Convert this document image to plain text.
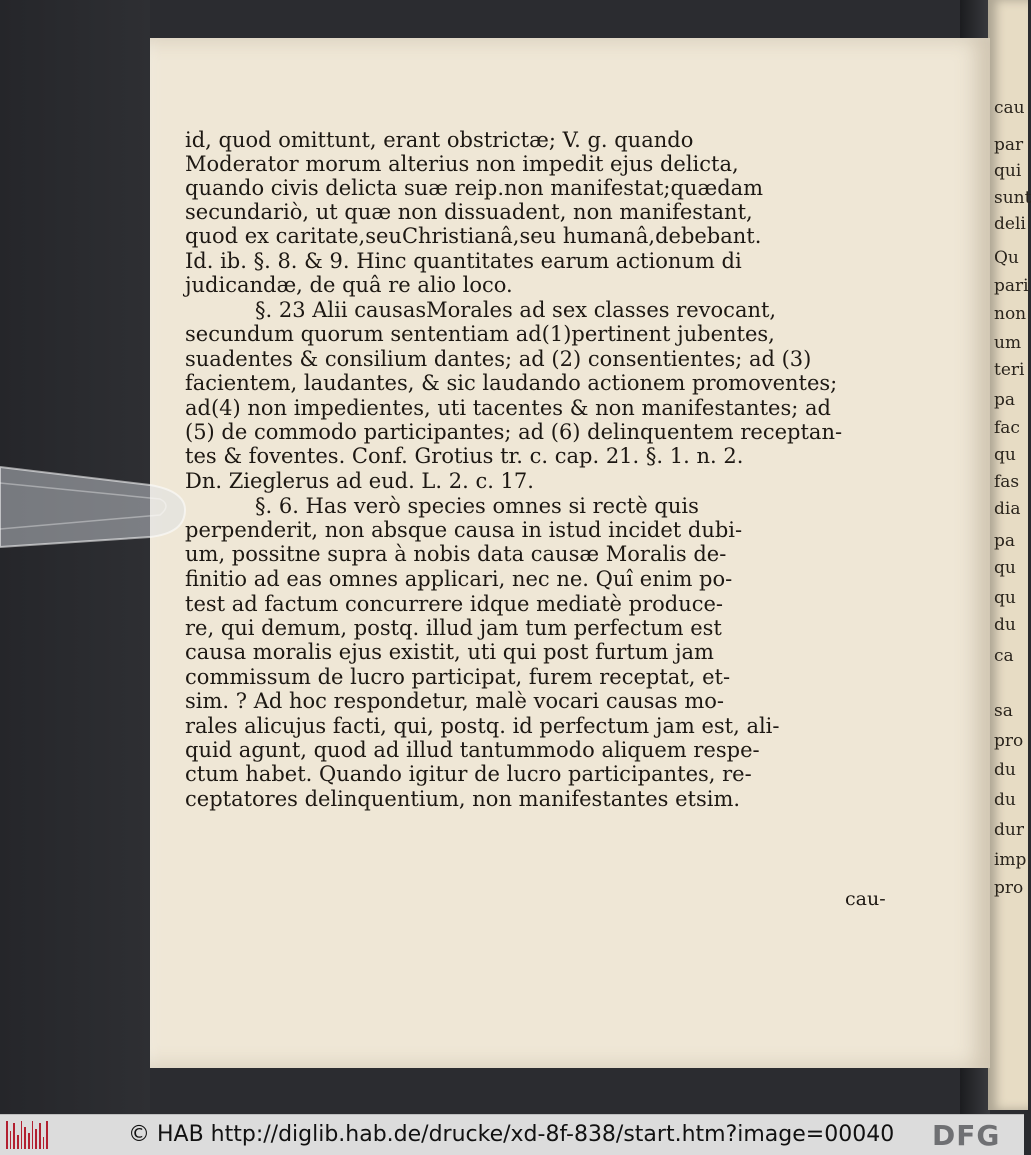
cau
par
qui
sunt
deli
Qu
pari
non
um
teri
pa
fac
qu
fas
dia
pa
qu
qu
du
ca
sa
pro
du
du
dur
imp
pro
id, quod omittunt, erant obstrictæ; V. g. quando
Moderator morum alterius non impedit ejus delicta,
quando civis delicta suæ reip.non manifestat;quædam
secundariò, ut quæ non dissuadent, non manifestant,
quod ex caritate,seuChristianâ,seu humanâ,debebant.
Id. ib. §. 8. & 9. Hinc quantitates earum actionum di
judicandæ, de quâ re alio loco.
§. 23 Alii causasMorales ad sex classes revocant,
secundum quorum sententiam ad(1)pertinent jubentes,
suadentes & consilium dantes; ad (2) consentientes; ad (3)
facientem, laudantes, & sic laudando actionem promoventes;
ad(4) non impedientes, uti tacentes & non manifestantes; ad
(5) de commodo participantes; ad (6) delinquentem receptan-
tes & foventes. Conf. Grotius tr. c. cap. 21. §. 1. n. 2.
Dn. Zieglerus ad eud. L. 2. c. 17.
§. 6. Has verò species omnes si rectè quis
perpenderit, non absque causa in istud incidet dubi-
um, possitne supra à nobis data causæ Moralis de-
finitio ad eas omnes applicari, nec ne. Quî enim po-
test ad factum concurrere idque mediatè produce-
re, qui demum, postq. illud jam tum perfectum est
causa moralis ejus existit, uti qui post furtum jam
commissum de lucro participat, furem receptat, et-
sim. ? Ad hoc respondetur, malè vocari causas mo-
rales alicujus facti, qui, postq. id perfectum jam est, ali-
quid agunt, quod ad illud tantummodo aliquem respe-
ctum habet. Quando igitur de lucro participantes, re-
ceptatores delinquentium, non manifestantes etsim.
cau-
© HAB http://diglib.hab.de/drucke/xd-8f-838/start.htm?image=00040 DFG
